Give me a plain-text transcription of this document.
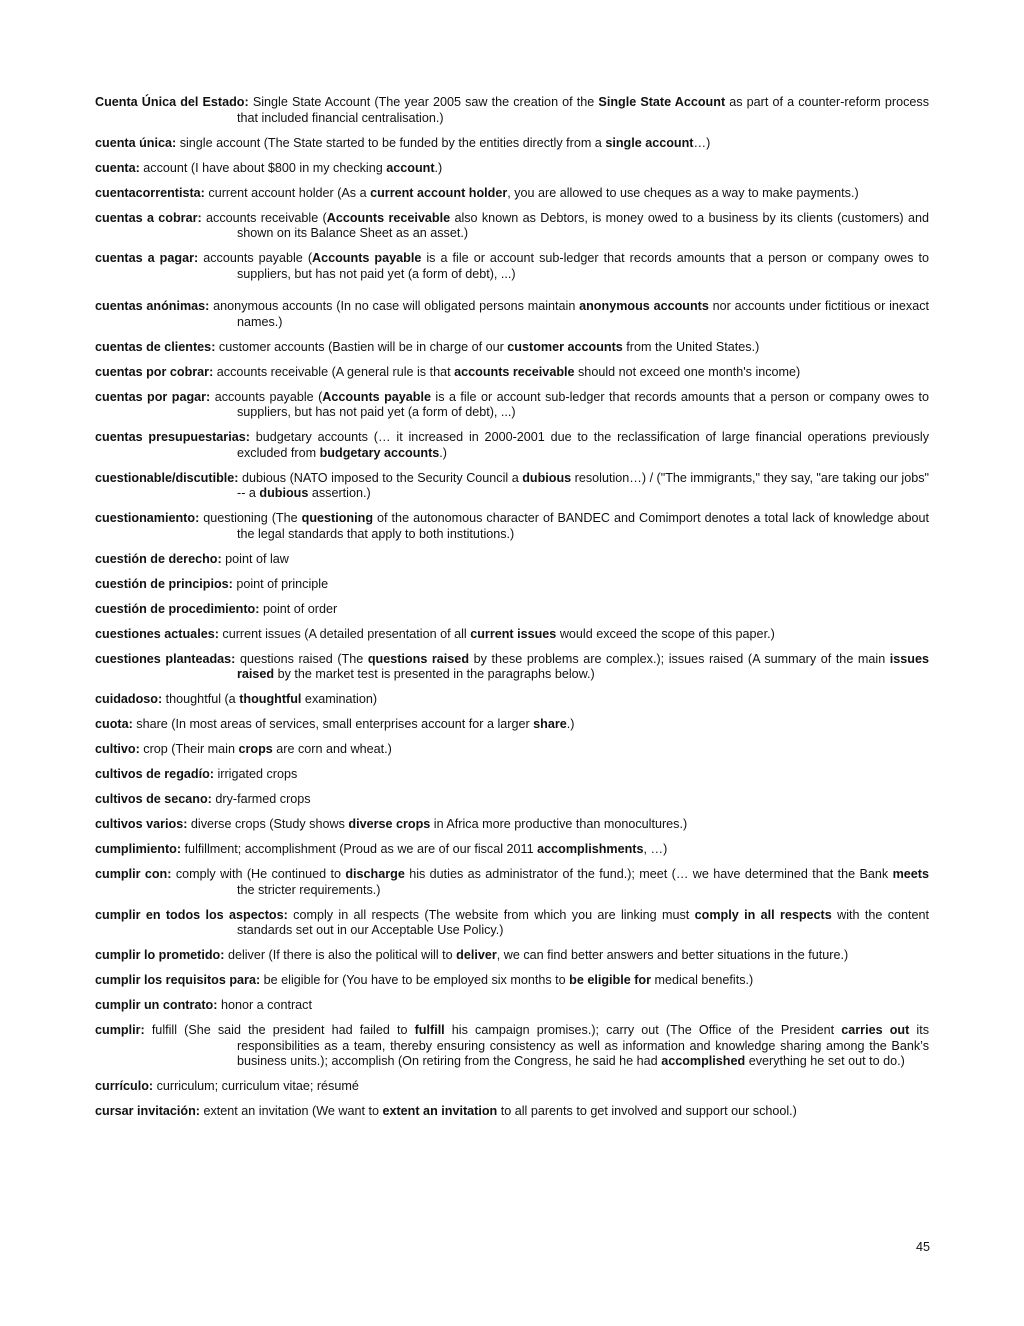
Cuenta Única del Estado: Single State Account (The year 2005 saw the creation of the Single State Account as part of a counter-reform process that included financial centralisation.)

cuenta única: single account (The State started to be funded by the entities directly from a single account…)

cuenta: account (I have about $800 in my checking account.)

cuentacorrentista: current account holder (As a current account holder, you are allowed to use cheques as a way to make payments.)

cuentas a cobrar: accounts receivable (Accounts receivable also known as Debtors, is money owed to a business by its clients (customers) and shown on its Balance Sheet as an asset.)

cuentas a pagar: accounts payable (Accounts payable is a file or account sub-ledger that records amounts that a person or company owes to suppliers, but has not paid yet (a form of debt), ...)

cuentas anónimas: anonymous accounts (In no case will obligated persons maintain anonymous accounts nor accounts under fictitious or inexact names.)

cuentas de clientes: customer accounts (Bastien will be in charge of our customer accounts from the United States.)

cuentas por cobrar: accounts receivable (A general rule is that accounts receivable should not exceed one month's income)

cuentas por pagar: accounts payable (Accounts payable is a file or account sub-ledger that records amounts that a person or company owes to suppliers, but has not paid yet (a form of debt), ...)

cuentas presupuestarias: budgetary accounts (… it increased in 2000-2001 due to the reclassification of large financial operations previously excluded from budgetary accounts.)

cuestionable/discutible: dubious (NATO imposed to the Security Council a dubious resolution…) / ("The immigrants," they say, "are taking our jobs" -- a dubious assertion.)

cuestionamiento: questioning (The questioning of the autonomous character of BANDEC and Comimport denotes a total lack of knowledge about the legal standards that apply to both institutions.)

cuestión de derecho: point of law

cuestión de principios: point of principle

cuestión de procedimiento: point of order

cuestiones actuales: current issues (A detailed presentation of all current issues would exceed the scope of this paper.)

cuestiones planteadas: questions raised (The questions raised by these problems are complex.); issues raised (A summary of the main issues raised by the market test is presented in the paragraphs below.)

cuidadoso: thoughtful (a thoughtful examination)

cuota: share (In most areas of services, small enterprises account for a larger share.)

cultivo: crop (Their main crops are corn and wheat.)

cultivos de regadío: irrigated crops

cultivos de secano: dry-farmed crops

cultivos varios: diverse crops (Study shows diverse crops in Africa more productive than monocultures.)

cumplimiento: fulfillment; accomplishment (Proud as we are of our fiscal 2011 accomplishments, …)

cumplir con: comply with (He continued to discharge his duties as administrator of the fund.); meet (… we have determined that the Bank meets the stricter requirements.)

cumplir en todos los aspectos: comply in all respects (The website from which you are linking must comply in all respects with the content standards set out in our Acceptable Use Policy.)

cumplir lo prometido: deliver (If there is also the political will to deliver, we can find better answers and better situations in the future.)

cumplir los requisitos para: be eligible for (You have to be employed six months to be eligible for medical benefits.)

cumplir un contrato: honor a contract

cumplir: fulfill (She said the president had failed to fulfill his campaign promises.); carry out (The Office of the President carries out its responsibilities as a team, thereby ensuring consistency as well as information and knowledge sharing among the Bank’s business units.); accomplish (On retiring from the Congress, he said he had accomplished everything he set out to do.)

currículo: curriculum; curriculum vitae; résumé

cursar invitación: extent an invitation (We want to extent an invitation to all parents to get involved and support our school.)

45
